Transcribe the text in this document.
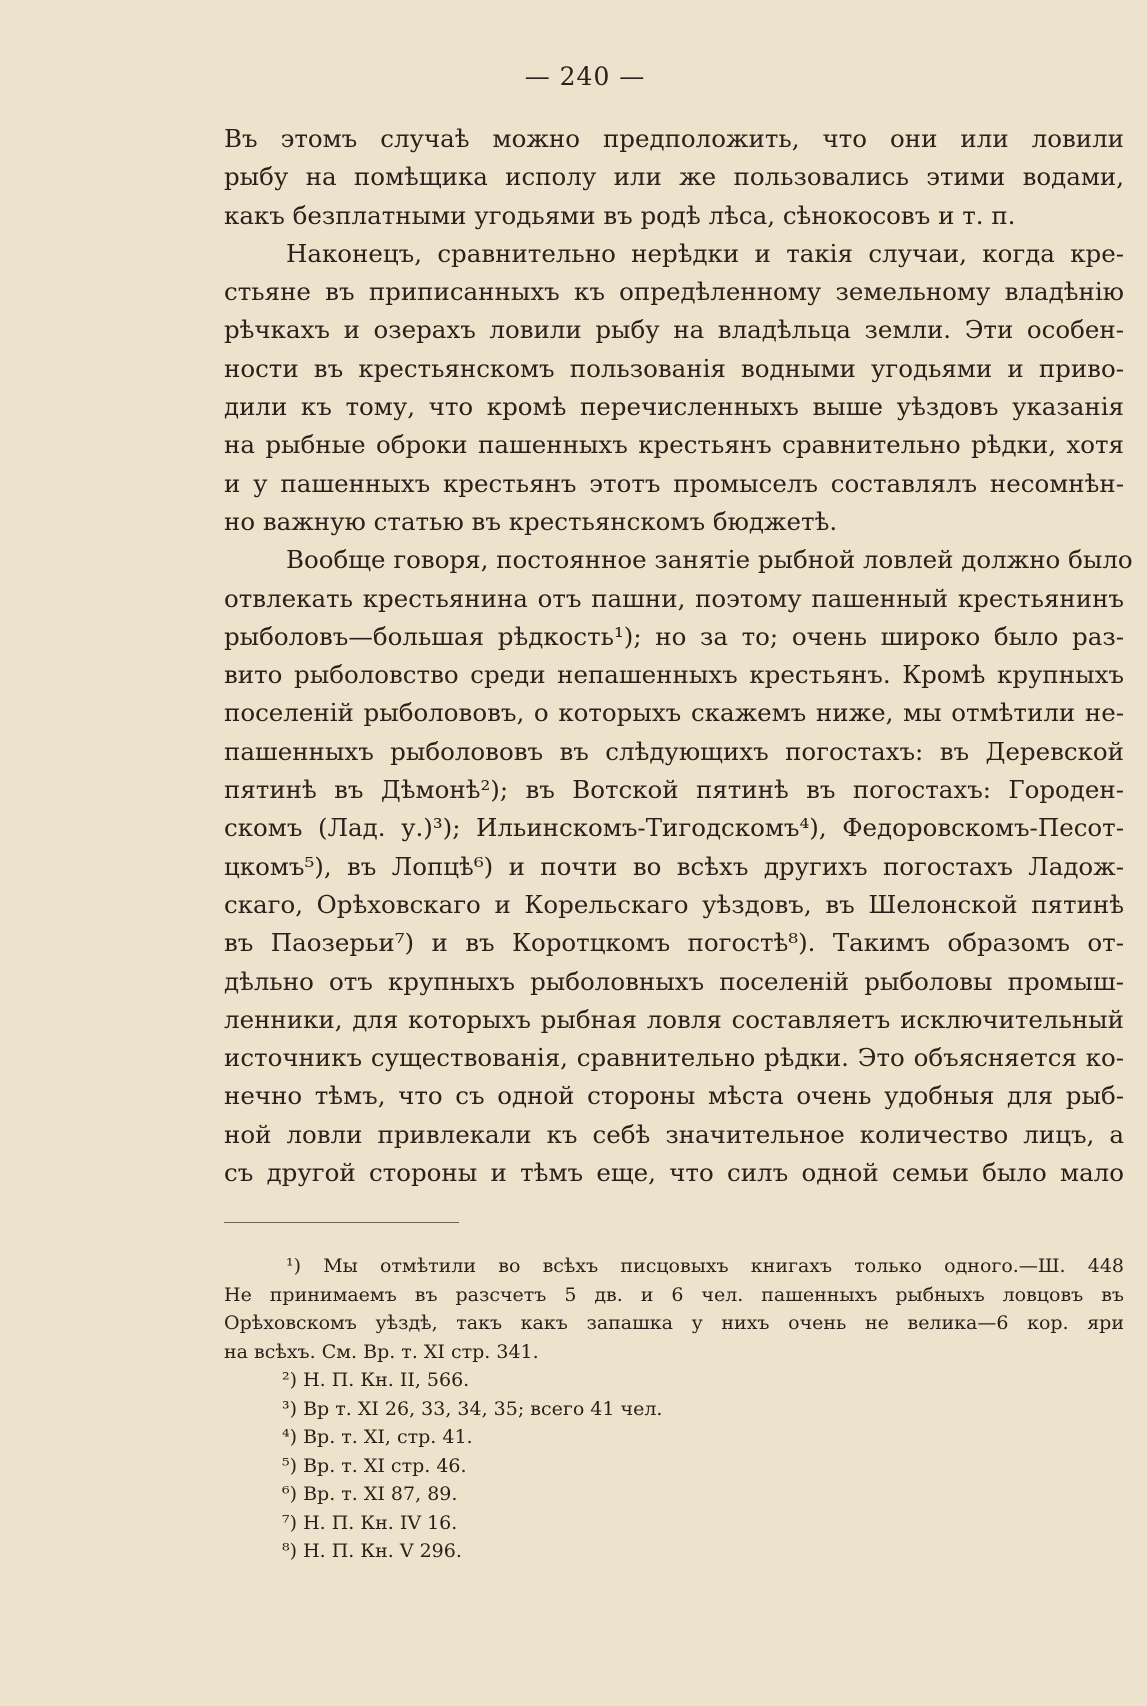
— 240 —
Въ этомъ случаѣ можно предположить, что они или ловили
рыбу на помѣщика исполу или же пользовались этими водами,
какъ безплатными угодьями въ родѣ лѣса, сѣнокосовъ и т. п.
Наконецъ, сравнительно нерѣдки и такія случаи, когда кре-
стьяне въ приписанныхъ къ опредѣленному земельному владѣнію
рѣчкахъ и озерахъ ловили рыбу на владѣльца земли. Эти особен-
ности въ крестьянскомъ пользованія водными угодьями и приво-
дили къ тому, что кромѣ перечисленныхъ выше уѣздовъ указанія
на рыбные оброки пашенныхъ крестьянъ сравнительно рѣдки, хотя
и у пашенныхъ крестьянъ этотъ промыселъ составлялъ несомнѣн-
но важную статью въ крестьянскомъ бюджетѣ.
Вообще говоря, постоянное занятіе рыбной ловлей должно было
отвлекать крестьянина отъ пашни, поэтому пашенный крестьянинъ
рыболовъ—большая рѣдкость¹); но за то; очень широко было раз-
вито рыболовство среди непашенныхъ крестьянъ. Кромѣ крупныхъ
поселеній рыболововъ, о которыхъ скажемъ ниже, мы отмѣтили не-
пашенныхъ рыболововъ въ слѣдующихъ погостахъ: въ Деревской
пятинѣ въ Дѣмонѣ²); въ Вотской пятинѣ въ погостахъ: Городен-
скомъ (Лад. у.)³); Ильинскомъ-Тигодскомъ⁴), Федоровскомъ-Песот-
цкомъ⁵), въ Лопцѣ⁶) и почти во всѣхъ другихъ погостахъ Ладож-
скаго, Орѣховскаго и Корельскаго уѣздовъ, въ Шелонской пятинѣ
въ Паозерьи⁷) и въ Коротцкомъ погостѣ⁸). Такимъ образомъ от-
дѣльно отъ крупныхъ рыболовныхъ поселеній рыболовы промыш-
ленники, для которыхъ рыбная ловля составляетъ исключительный
источникъ существованія, сравнительно рѣдки. Это объясняется ко-
нечно тѣмъ, что съ одной стороны мѣста очень удобныя для рыб-
ной ловли привлекали къ себѣ значительное количество лицъ, а
съ другой стороны и тѣмъ еще, что силъ одной семьи было мало
¹) Мы отмѣтили во всѣхъ писцовыхъ книгахъ только одного.—Ш. 448
Не принимаемъ въ разсчетъ 5 дв. и 6 чел. пашенныхъ рыбныхъ ловцовъ въ
Орѣховскомъ уѣздѣ, такъ какъ запашка у нихъ очень не велика—6 кор. яри
на всѣхъ. См. Вр. т. XI стр. 341.
²) Н. П. Кн. II, 566.
³) Вр т. XI 26, 33, 34, 35; всего 41 чел.
⁴) Вр. т. XI, стр. 41.
⁵) Вр. т. XI стр. 46.
⁶) Вр. т. XI 87, 89.
⁷) Н. П. Кн. IV 16.
⁸) Н. П. Кн. V 296.
